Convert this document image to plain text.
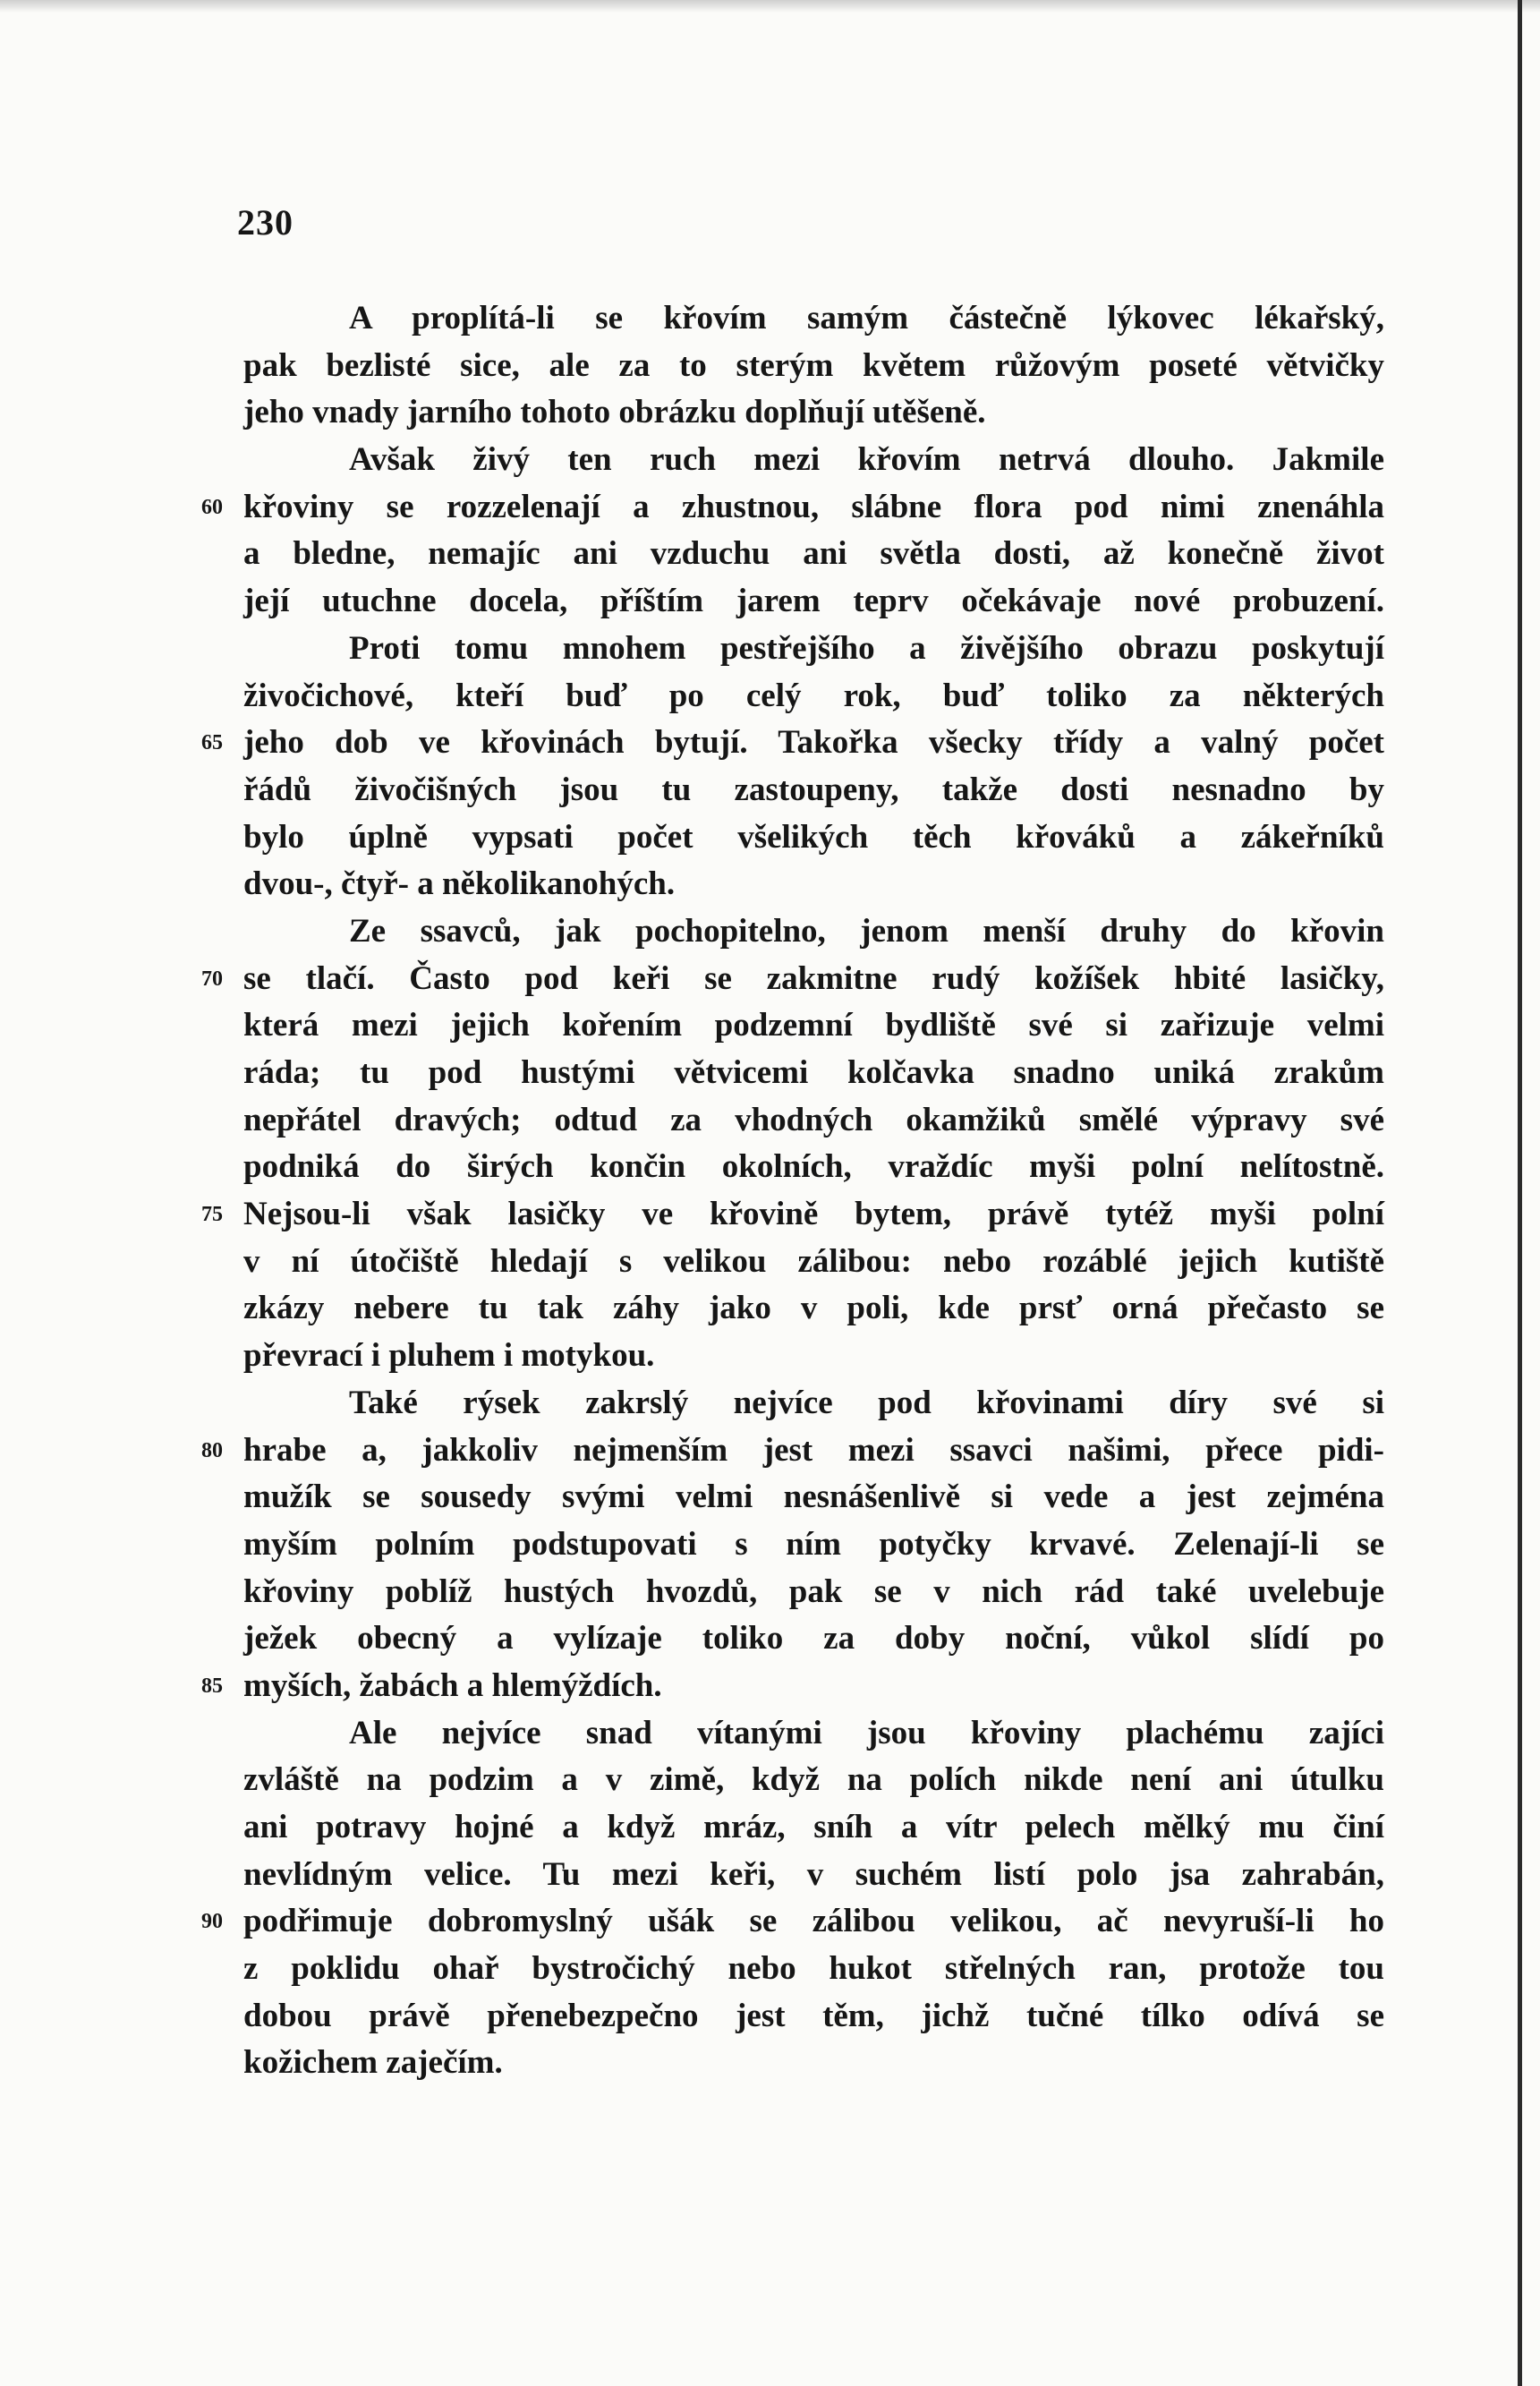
230
A proplítá-li se křovím samým částečně lýkovec lékařský,
pak bezlisté sice, ale za to sterým květem růžovým poseté větvičky
jeho vnady jarního tohoto obrázku doplňují utěšeně.
Avšak živý ten ruch mezi křovím netrvá dlouho. Jakmile
60 křoviny se rozzelenají a zhustnou, slábne flora pod nimi znenáhla
a bledne, nemajíc ani vzduchu ani světla dosti, až konečně život
její utuchne docela, příštím jarem teprv očekávaje nové probuzení.
Proti tomu mnohem pestřejšího a živějšího obrazu poskytují
živočichové, kteří buď po celý rok, buď toliko za některých
65 jeho dob ve křovinách bytují. Takořka všecky třídy a valný počet
řádů živočišných jsou tu zastoupeny, takže dosti nesnadno by
bylo úplně vypsati počet všelikých těch křováků a zákeřníků
dvou-, čtyř- a několikanohých.
Ze ssavců, jak pochopitelno, jenom menší druhy do křovin
70 se tlačí. Často pod keři se zakmitne rudý kožíšek hbité lasičky,
která mezi jejich kořením podzemní bydliště své si zařizuje velmi
ráda; tu pod hustými větvicemi kolčavka snadno uniká zrakům
nepřátel dravých; odtud za vhodných okamžiků smělé výpravy své
podniká do širých končin okolních, vraždíc myši polní nelítostně.
75 Nejsou-li však lasičky ve křovině bytem, právě tytéž myši polní
v ní útočiště hledají s velikou zálibou: nebo rozáblé jejich kutiště
zkázy nebere tu tak záhy jako v poli, kde prsť orná přečasto se
převrací i pluhem i motykou.
Také rýsek zakrslý nejvíce pod křovinami díry své si
80 hrabe a, jakkoliv nejmenším jest mezi ssavci našimi, přece pidi-
mužík se sousedy svými velmi nesnášenlivě si vede a jest zejména
myším polním podstupovati s ním potyčky krvavé. Zelenají-li se
křoviny poblíž hustých hvozdů, pak se v nich rád také uvelebuje
ježek obecný a vylízaje toliko za doby noční, vůkol slídí po
85 myších, žabách a hlemýždích.
Ale nejvíce snad vítanými jsou křoviny plachému zajíci
zvláště na podzim a v zimě, když na polích nikde není ani útulku
ani potravy hojné a když mráz, sníh a vítr pelech mělký mu činí
nevlídným velice. Tu mezi keři, v suchém listí polo jsa zahrabán,
90 podřimuje dobromyslný ušák se zálibou velikou, ač nevyruší-li ho
z poklidu ohař bystročichý nebo hukot střelných ran, protože tou
dobou právě přenebezpečno jest těm, jichž tučné tílko odívá se
kožichem zaječím.
